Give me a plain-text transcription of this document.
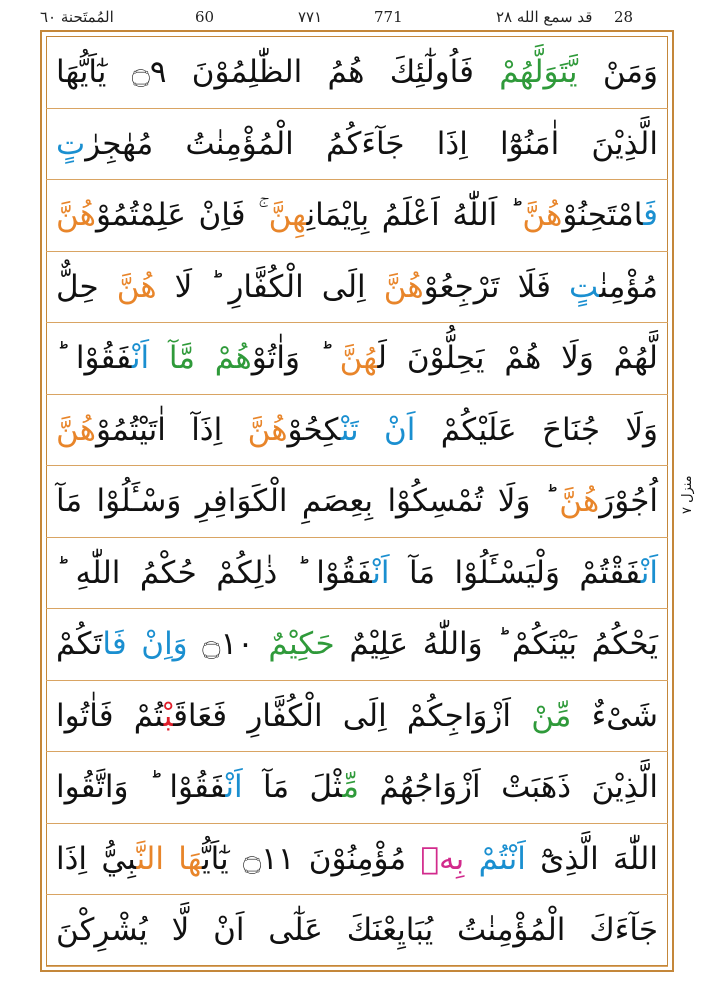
المُمتَحنة ٦٠	60	۷۷۱	771	قد سمع الله ٢٨ 28
وَمَنْ يَّتَوَلَّهُمْ فَاُولٰٓئِكَ هُمُ الظّٰلِمُوْنَ ۝٩ يٰٓاَيُّهَا
الَّذِيْنَ اٰمَنُوْٓا اِذَا جَآءَكُمُ الْمُؤْمِنٰتُ مُهٰجِرٰتٍ
فَامْتَحِنُوْهُنَّ ؕ اَللّٰهُ اَعْلَمُ بِاِيْمَانِهِنَّ ۚ فَاِنْ عَلِمْتُمُوْهُنَّ
مُؤْمِنٰتٍ فَلَا تَرْجِعُوْهُنَّ اِلَى الْكُفَّارِ ؕ لَا هُنَّ حِلٌّ
لَّهُمْ وَلَا هُمْ يَحِلُّوْنَ لَهُنَّ ؕ وَاٰتُوْهُمْ مَّآ اَنْفَقُوْا ؕ
وَلَا جُنَاحَ عَلَيْكُمْ اَنْ تَنْكِحُوْهُنَّ اِذَآ اٰتَيْتُمُوْهُنَّ
اُجُوْرَهُنَّ ؕ وَلَا تُمْسِكُوْا بِعِصَمِ الْكَوَافِرِ وَسْـَٔلُوْا مَآ
اَنْفَقْتُمْ وَلْيَسْـَٔلُوْا مَآ اَنْفَقُوْا ؕ ذٰلِكُمْ حُكْمُ اللّٰهِ ؕ
يَحْكُمُ بَيْنَكُمْ ؕ وَاللّٰهُ عَلِيْمٌ حَكِيْمٌ ۝١٠ وَاِنْ فَاتَكُمْ
شَیْءٌ مِّنْ اَزْوَاجِكُمْ اِلَى الْكُفَّارِ فَعَاقَبْتُمْ فَاٰتُوا
الَّذِيْنَ ذَهَبَتْ اَزْوَاجُهُمْ مِّثْلَ مَآ اَنْفَقُوْا ؕ وَاتَّقُوا
اللّٰهَ الَّذِیْٓ اَنْتُمْ بِهٖ مُؤْمِنُوْنَ ۝١١ يٰٓاَيُّهَا النَّبِيُّ اِذَا
جَآءَكَ الْمُؤْمِنٰتُ يُبَايِعْنَكَ عَلٰٓى اَنْ لَّا يُشْرِكْنَ
منزل ۷
